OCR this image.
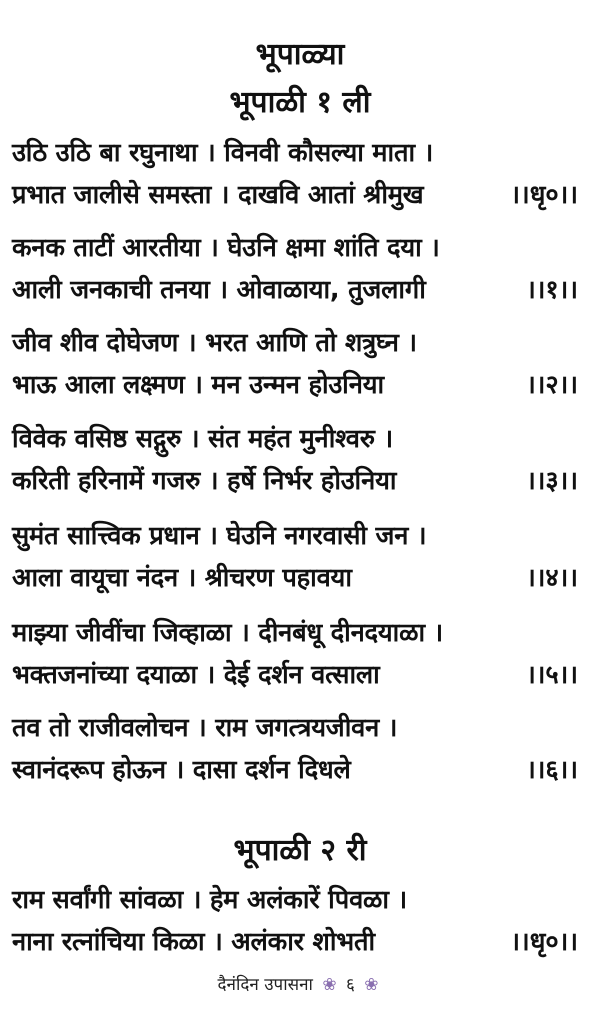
भूपाळ्या
भूपाळी १ ली
उठि उठि बा रघुनाथा । विनवी कौसल्या माता ।
प्रभात जालीसे समस्ता । दाखवि आतां श्रीमुख	।।धृ०।।
कनक ताटीं आरतीया । घेउनि क्षमा शांति दया ।
आली जनकाची तनया । ओवाळाया, तुजलागी	।।१।।
जीव शीव दोघेजण । भरत आणि तो शत्रुघ्न ।
भाऊ आला लक्ष्मण । मन उन्मन होउनिया	।।२।।
विवेक वसिष्ठ सद्गुरु । संत महंत मुनीश्वरु ।
करिती हरिनामें गजरु । हर्षे निर्भर होउनिया	।।३।।
सुमंत सात्त्विक प्रधान । घेउनि नगरवासी जन ।
आला वायूचा नंदन । श्रीचरण पहावया	।।४।।
माझ्या जीवींचा जिव्हाळा । दीनबंधू दीनदयाळा ।
भक्तजनांच्या दयाळा । देई दर्शन वत्साला	।।५।।
तव तो राजीवलोचन । राम जगत्त्रयजीवन ।
स्वानंदरूप होऊन । दासा दर्शन दिधले	।।६।।
भूपाळी २ री
राम सर्वांगी सांवळा । हेम अलंकारें पिवळा ।
नाना रत्नांचिया किळा । अलंकार शोभती	।।धृ०।।
दैनंदिन उपासना ❀ ६ ❀
